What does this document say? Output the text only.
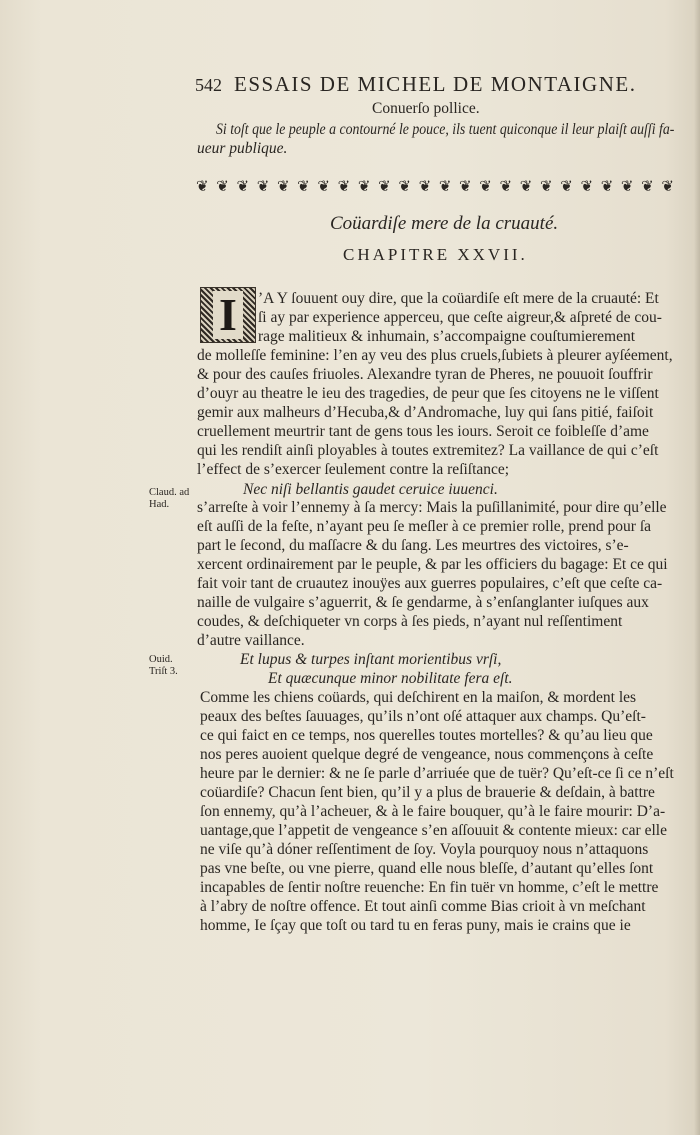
542 ESSAIS DE MICHEL DE MONTAIGNE.
Conuerſo pollice.
Si toſt que le peuple a contourné le pouce, ils tuent quiconque il leur plaiſt auſſi fa-
ueur publique.
❦ ❦ ❦ ❦ ❦ ❦ ❦ ❦ ❦ ❦ ❦ ❦ ❦ ❦ ❦ ❦ ❦ ❦ ❦ ❦ ❦ ❦ ❦ ❦
Coüardiſe mere de la cruauté.
CHAPITRE XXVII.
I	’A Y ſouuent ouy dire, que la coüardiſe eſt mere de la cruauté: Et
ſi ay par experience apperceu, que ceſte aigreur,& aſpreté de cou-
rage malitieux & inhumain, s’accompaigne couſtumierement
de molleſſe feminine: l’en ay veu des plus cruels,ſubiets à pleurer ayſéement,
& pour des cauſes friuoles. Alexandre tyran de Pheres, ne pouuoit ſouffrir
d’ouyr au theatre le ieu des tragedies, de peur que ſes citoyens ne le viſſent
gemir aux malheurs d’Hecuba,& d’Andromache, luy qui ſans pitié, faiſoit
cruellement meurtrir tant de gens tous les iours. Seroit ce foibleſſe d’ame
qui les rendiſt ainſi ployables à toutes extremitez? La vaillance de qui c’eſt
l’effect de s’exercer ſeulement contre la reſiſtance;
Nec niſi bellantis gaudet ceruice iuuenci.
s’arreſte à voir l’ennemy à ſa mercy: Mais la puſillanimité, pour dire qu’elle
eſt auſſi de la feſte, n’ayant peu ſe meſler à ce premier rolle, prend pour ſa
part le ſecond, du maſſacre & du ſang. Les meurtres des victoires, s’e-
xercent ordinairement par le peuple, & par les officiers du bagage: Et ce qui
fait voir tant de cruautez inouÿes aux guerres populaires, c’eſt que ceſte ca-
naille de vulgaire s’aguerrit, & ſe gendarme, à s’enſanglanter iuſques aux
coudes, & deſchiqueter vn corps à ſes pieds, n’ayant nul reſſentiment
d’autre vaillance.
Et lupus & turpes inſtant morientibus vrſi,
Et quæcunque minor nobilitate fera eſt.
Comme les chiens coüards, qui deſchirent en la maiſon, & mordent les
peaux des beſtes ſauuages, qu’ils n’ont oſé attaquer aux champs. Qu’eſt-
ce qui faict en ce temps, nos querelles toutes mortelles? & qu’au lieu que
nos peres auoient quelque degré de vengeance, nous commençons à ceſte
heure par le dernier: & ne ſe parle d’arriuée que de tuër? Qu’eſt-ce ſi ce n’eſt
coüardiſe? Chacun ſent bien, qu’il y a plus de brauerie & deſdain, à battre
ſon ennemy, qu’à l’acheuer, & à le faire bouquer, qu’à le faire mourir: D’a-
uantage,que l’appetit de vengeance s’en aſſouuit & contente mieux: car elle
ne viſe qu’à dóner reſſentiment de ſoy. Voyla pourquoy nous n’attaquons
pas vne beſte, ou vne pierre, quand elle nous bleſſe, d’autant qu’elles ſont
incapables de ſentir noſtre reuenche: En fin tuër vn homme, c’eſt le mettre
à l’abry de noſtre offence. Et tout ainſi comme Bias crioit à vn meſchant
homme, Ie ſçay que toſt ou tard tu en feras puny, mais ie crains que ie
Claud. ad
Had.
Ouid.
Triſt 3.
